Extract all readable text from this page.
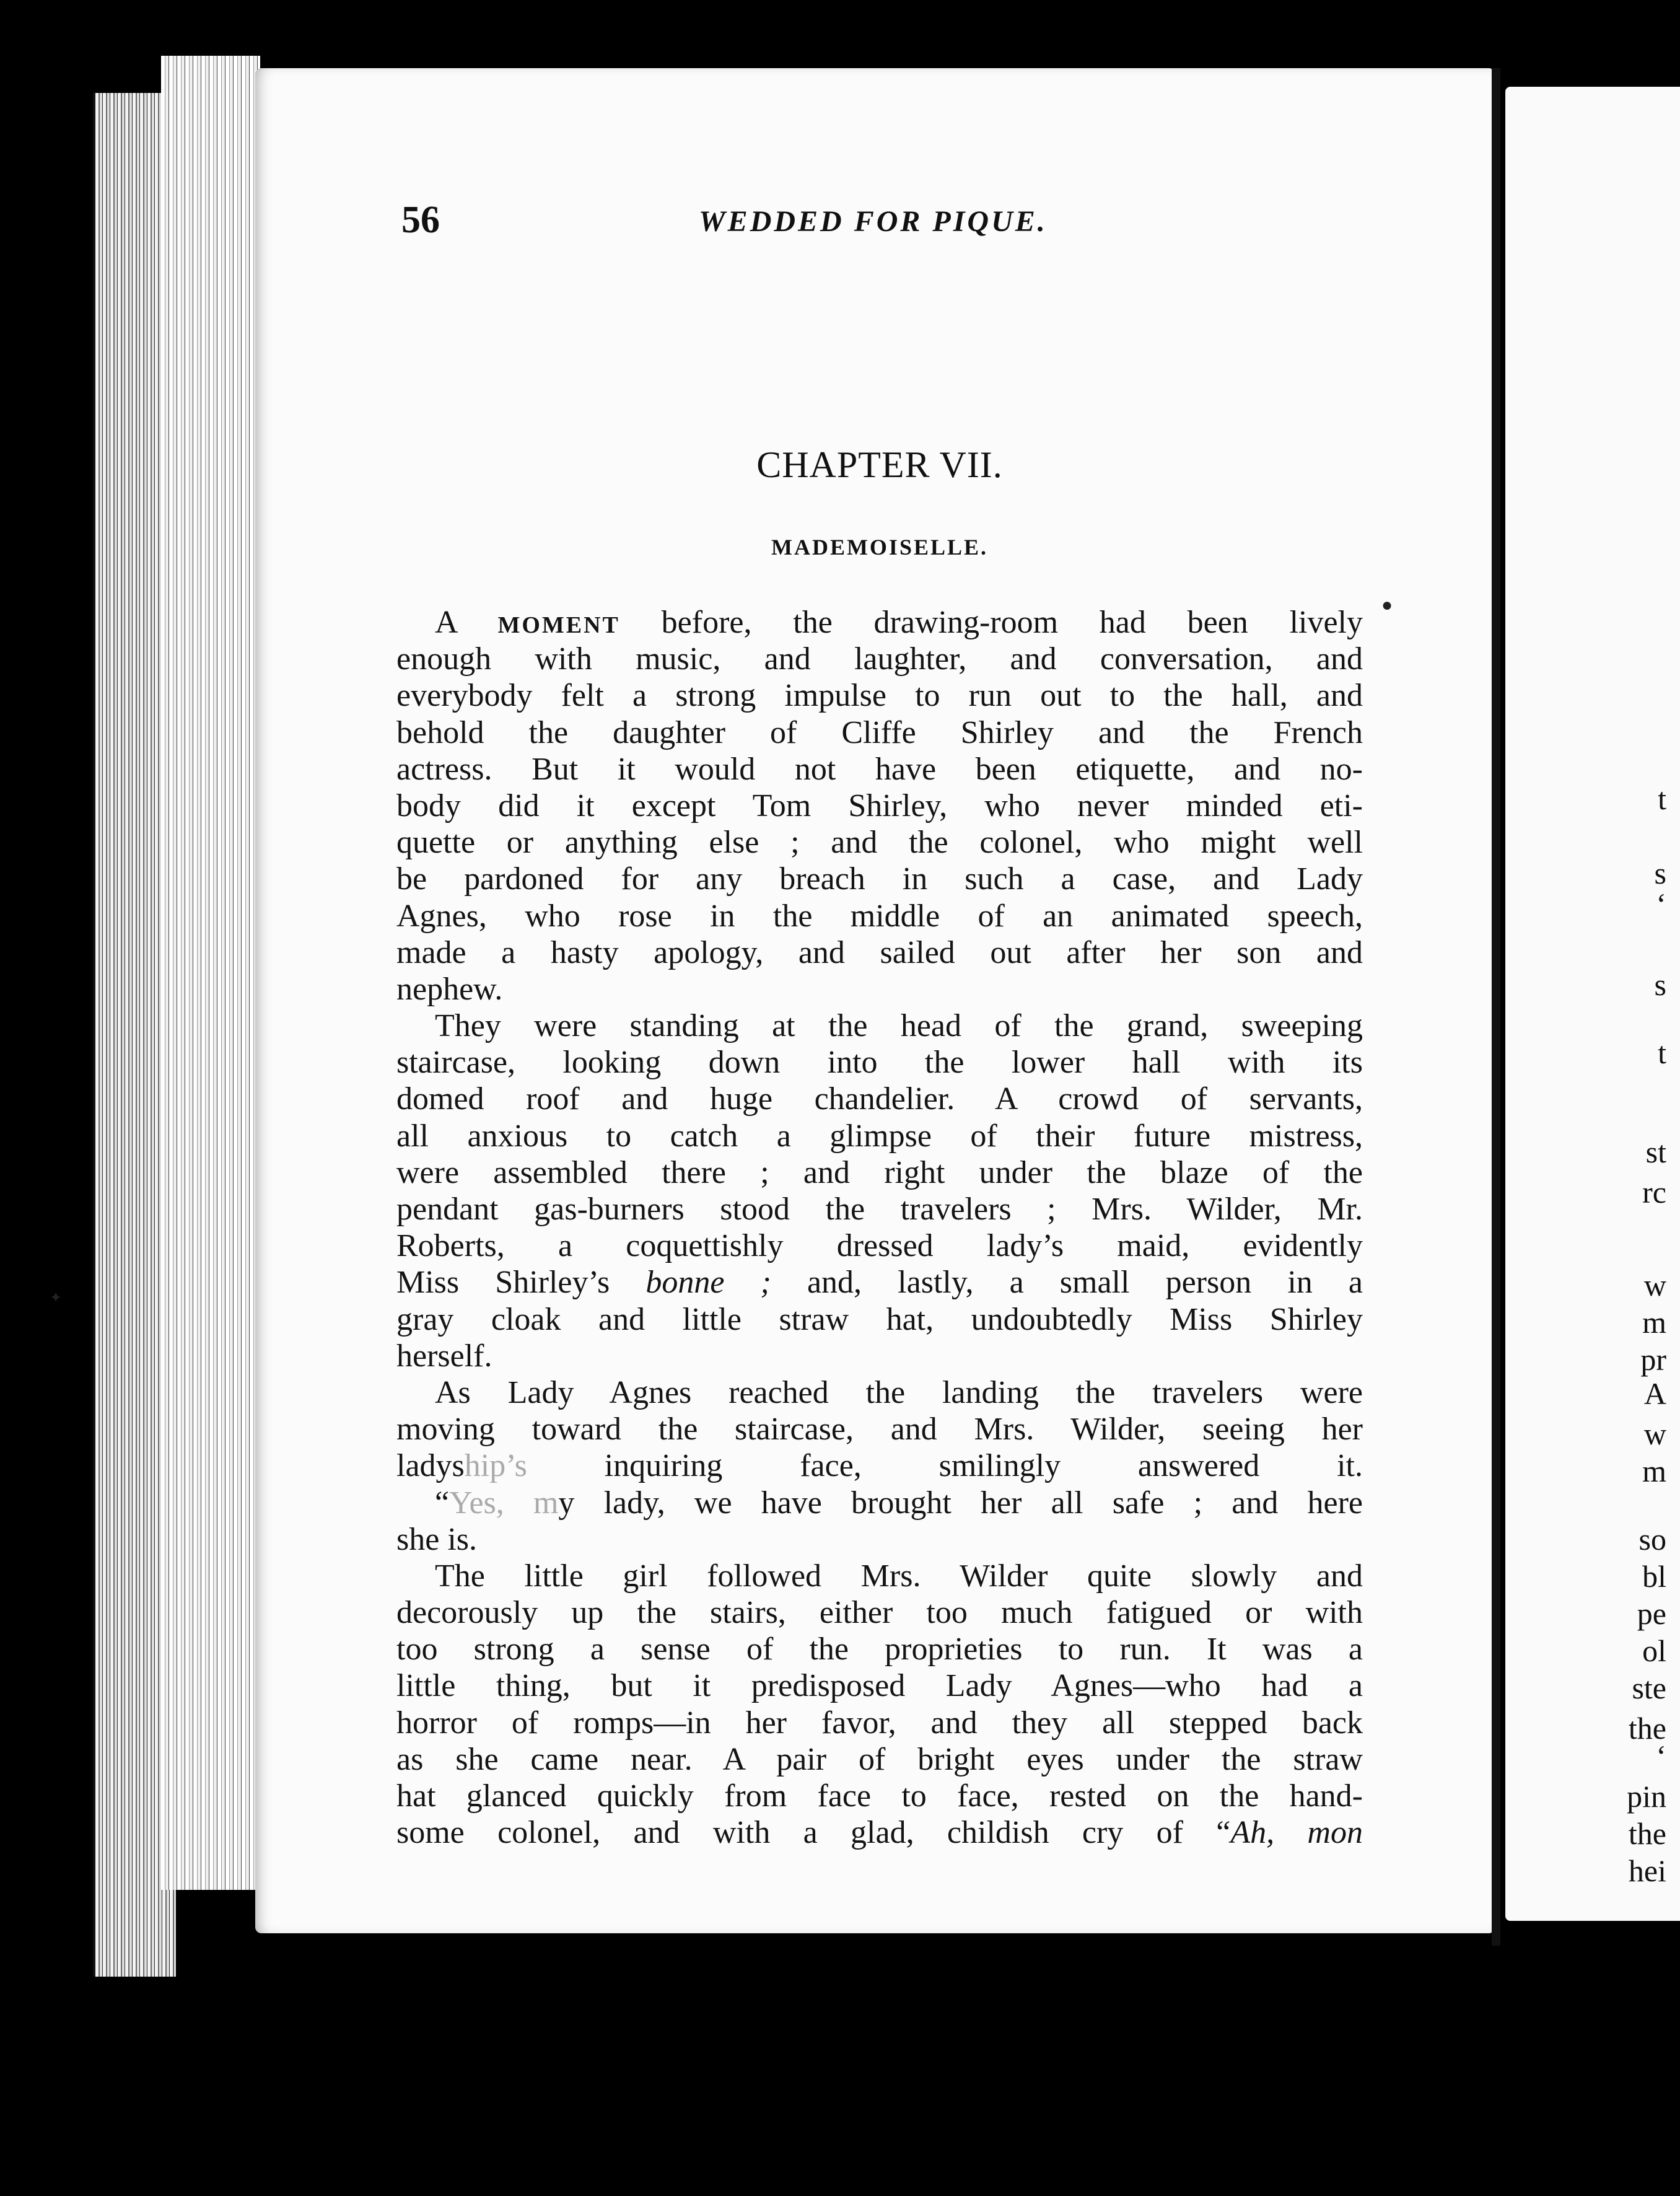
56	WEDDED FOR PIQUE.
CHAPTER VII.
MADEMOISELLE.
A MOMENT before, the drawing-room had been lively
enough with music, and laughter, and conversation, and
everybody felt a strong impulse to run out to the hall, and
behold the daughter of Cliffe Shirley and the French
actress. But it would not have been etiquette, and no-
body did it except Tom Shirley, who never minded eti-
quette or anything else ; and the colonel, who might well
be pardoned for any breach in such a case, and Lady
Agnes, who rose in the middle of an animated speech,
made a hasty apology, and sailed out after her son and
nephew.
They were standing at the head of the grand, sweeping
staircase, looking down into the lower hall with its
domed roof and huge chandelier. A crowd of servants,
all anxious to catch a glimpse of their future mistress,
were assembled there ; and right under the blaze of the
pendant gas-burners stood the travelers ; Mrs. Wilder, Mr.
Roberts, a coquettishly dressed lady’s maid, evidently
Miss Shirley’s bonne ; and, lastly, a small person in a
gray cloak and little straw hat, undoubtedly Miss Shirley
herself.
As Lady Agnes reached the landing the travelers were
moving toward the staircase, and Mrs. Wilder, seeing her
ladyship’s inquiring face, smilingly answered it.
“Yes, my lady, we have brought her all safe ; and here
she is.
The little girl followed Mrs. Wilder quite slowly and
decorously up the stairs, either too much fatigued or with
too strong a sense of the proprieties to run. It was a
little thing, but it predisposed Lady Agnes—who had a
horror of romps—in her favor, and they all stepped back
as she came near. A pair of bright eyes under the straw
hat glanced quickly from face to face, rested on the hand-
some colonel, and with a glad, childish cry of “Ah, mon
t
s
‘
s
t
st
rc
w
m
pr
A
w
m
so
bl
pe
ol
ste
the
‘
pin
the
hei
●
✦
